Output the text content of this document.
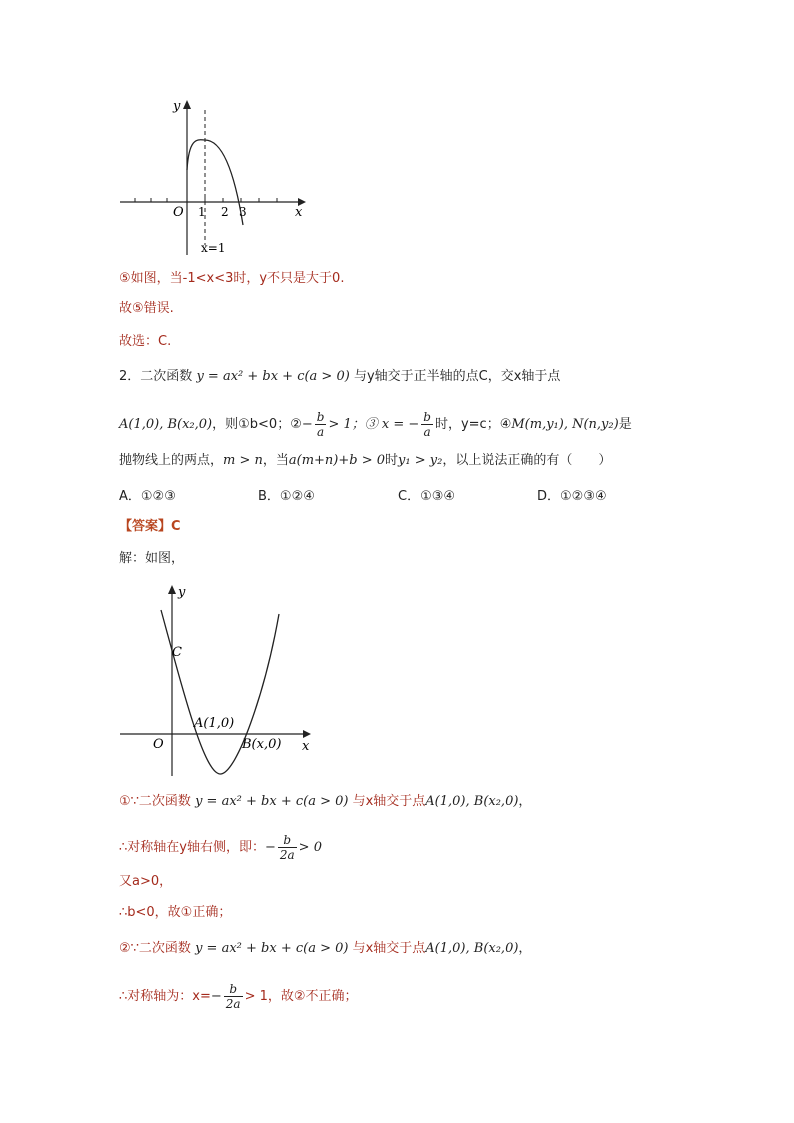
y
x
O 1 2 3
x=1
⑤如图，当-1<x<3时，y不只是大于0.
故⑤错误.
故选：C.
2．二次函数 y = ax² + bx + c(a > 0) 与y轴交于正半轴的点C，交x轴于点
A(1,0), B(x₂,0)，则①b<0；②− $\frac{b}{a} > 1$；③ x = − $\frac{b}{a}$ 时，y=c；④M(m,y₁), N(n,y₂)是
抛物线上的两点，m > n，当a(m+n)+b > 0时y₁ > y₂，以上说法正确的有（　　）
A．①②③	B．①②④	C．①③④	D．①②③④
【答案】C
解：如图，
y
x
O
C
A(1,0)
B(x,0)
①∵二次函数 y = ax² + bx + c(a > 0) 与x轴交于点A(1,0), B(x₂,0)，
∴对称轴在y轴右侧，即：− $\frac{b}{2a} > 0$
又a>0，
∴b<0，故①正确；
②∵二次函数 y = ax² + bx + c(a > 0) 与x轴交于点A(1,0), B(x₂,0)，
∴对称轴为：$x=- \frac{b}{2a} > 1$，故②不正确；
